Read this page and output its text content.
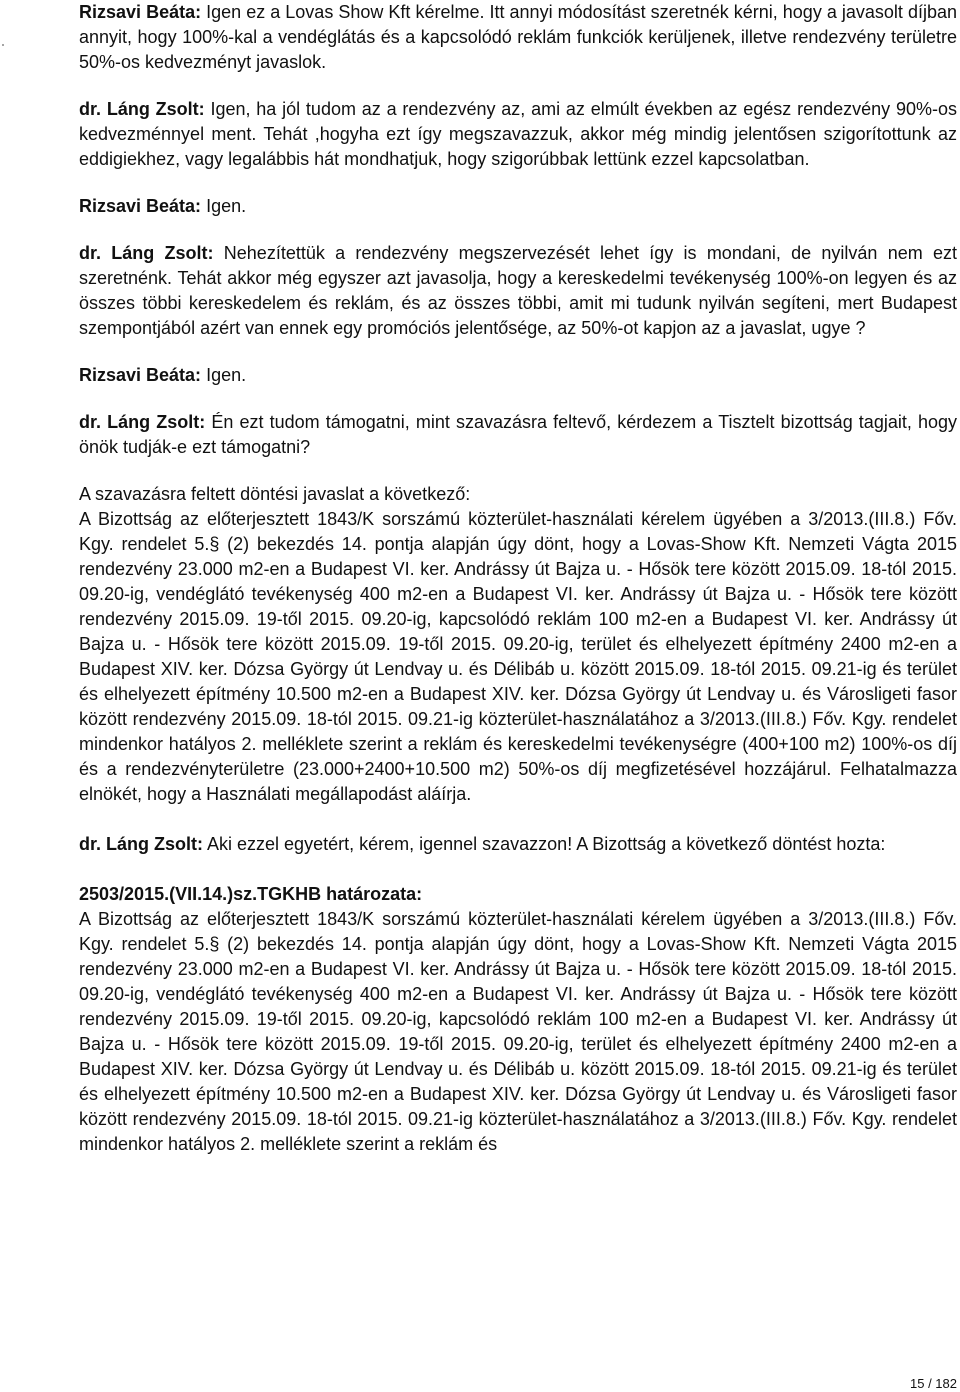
Rizsavi Beáta: Igen ez a Lovas Show Kft kérelme. Itt annyi módosítást szeretnék kérni, hogy a javasolt díjban annyit, hogy 100%-kal a vendéglátás és a kapcsolódó reklám funkciók kerüljenek, illetve rendezvény területre 50%-os kedvezményt javaslok.

dr. Láng Zsolt: Igen, ha jól tudom az a rendezvény az, ami az elmúlt években az egész rendezvény 90%-os kedvezménnyel ment. Tehát ,hogyha ezt így megszavazzuk, akkor még mindig jelentősen szigorítottunk az eddigiekhez, vagy legalábbis hát mondhatjuk, hogy szigorúbbak lettünk ezzel kapcsolatban.

Rizsavi Beáta: Igen.

dr. Láng Zsolt: Nehezítettük a rendezvény megszervezését lehet így is mondani, de nyilván nem ezt szeretnénk. Tehát akkor még egyszer azt javasolja, hogy a kereskedelmi tevékenység 100%-on legyen és az összes többi kereskedelem és reklám, és az összes többi, amit mi tudunk nyilván segíteni, mert Budapest szempontjából azért van ennek egy promóciós jelentősége, az 50%-ot kapjon az a javaslat, ugye ?

Rizsavi Beáta: Igen.

dr. Láng Zsolt: Én ezt tudom támogatni, mint szavazásra feltevő, kérdezem a Tisztelt bizottság tagjait, hogy önök tudják-e ezt támogatni?

A szavazásra feltett döntési javaslat a következő:

A Bizottság az előterjesztett 1843/K sorszámú közterület-használati kérelem ügyében a 3/2013.(III.8.) Főv. Kgy. rendelet 5.§ (2) bekezdés 14. pontja alapján úgy dönt, hogy a Lovas-Show Kft. Nemzeti Vágta 2015 rendezvény 23.000 m2-en a Budapest VI. ker. Andrássy út Bajza u. - Hősök tere között 2015.09. 18-tól 2015. 09.20-ig, vendéglátó tevékenység 400 m2-en a Budapest VI. ker. Andrássy út Bajza u. - Hősök tere között rendezvény 2015.09. 19-től 2015. 09.20-ig, kapcsolódó reklám 100 m2-en a Budapest VI. ker. Andrássy út Bajza u. - Hősök tere között 2015.09. 19-től 2015. 09.20-ig, terület és elhelyezett építmény 2400 m2-en a Budapest XIV. ker. Dózsa György út Lendvay u. és Délibáb u. között 2015.09. 18-tól 2015. 09.21-ig és terület és elhelyezett építmény 10.500 m2-en a Budapest XIV. ker. Dózsa György út Lendvay u. és Városligeti fasor között rendezvény 2015.09. 18-tól 2015. 09.21-ig közterület-használatához a 3/2013.(III.8.) Főv. Kgy. rendelet mindenkor hatályos 2. melléklete szerint a reklám és kereskedelmi tevékenységre (400+100 m2) 100%-os díj és a rendezvényterületre (23.000+2400+10.500 m2) 50%-os díj megfizetésével hozzájárul. Felhatalmazza elnökét, hogy a Használati megállapodást aláírja.

dr. Láng Zsolt: Aki ezzel egyetért, kérem, igennel szavazzon! A Bizottság a következő döntést hozta:

2503/2015.(VII.14.)sz.TGKHB határozata:

A Bizottság az előterjesztett 1843/K sorszámú közterület-használati kérelem ügyében a 3/2013.(III.8.) Főv. Kgy. rendelet 5.§ (2) bekezdés 14. pontja alapján úgy dönt, hogy a Lovas-Show Kft. Nemzeti Vágta 2015 rendezvény 23.000 m2-en a Budapest VI. ker. Andrássy út Bajza u. - Hősök tere között 2015.09. 18-tól 2015. 09.20-ig, vendéglátó tevékenység 400 m2-en a Budapest VI. ker. Andrássy út Bajza u. - Hősök tere között rendezvény 2015.09. 19-től 2015. 09.20-ig, kapcsolódó reklám 100 m2-en a Budapest VI. ker. Andrássy út Bajza u. - Hősök tere között 2015.09. 19-től 2015. 09.20-ig, terület és elhelyezett építmény 2400 m2-en a Budapest XIV. ker. Dózsa György út Lendvay u. és Délibáb u. között 2015.09. 18-tól 2015. 09.21-ig és terület és elhelyezett építmény 10.500 m2-en a Budapest XIV. ker. Dózsa György út Lendvay u. és Városligeti fasor között rendezvény 2015.09. 18-tól 2015. 09.21-ig közterület-használatához a 3/2013.(III.8.) Főv. Kgy. rendelet mindenkor hatályos 2. melléklete szerint a reklám és

15 / 182
